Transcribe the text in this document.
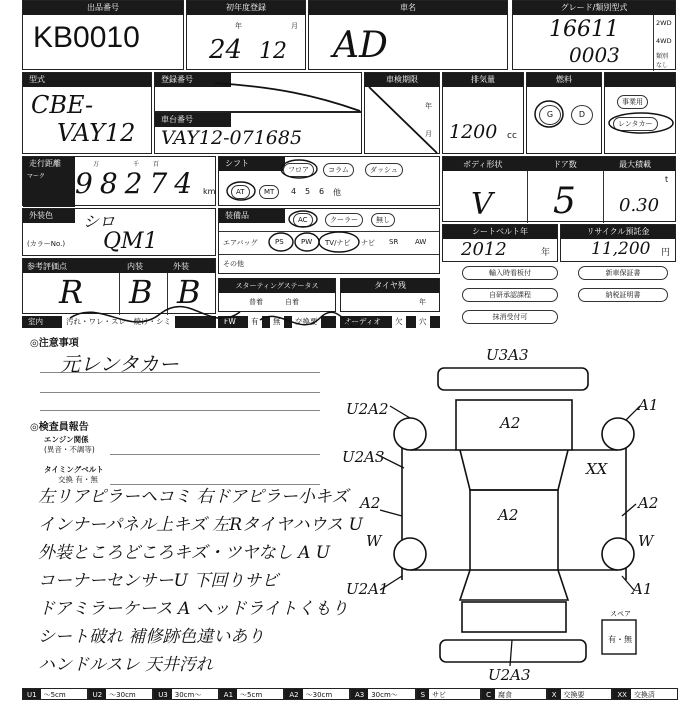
出品番号
KB0010
初年度登録
年	月
24 12
車名
AD
グレード/類別型式
16611
0003
2WD
4WD
類別
なし
型式
CBE-
VAY12
登録番号
車台番号
VAY12-071685
車検期限
年
月
排気量
1200 cc
燃料
G	D
事業用
レンタカー
走行距離
マーク
万	千 百
98274 km
シフト
フロア	コラム	ダッシュ
AT	MT	4 5 6 他
ボディ形状	ドア数	最大積載
V 5
t
0.30
外装色	シロ
(カラーNo.) QM1
装備品	AC	クーラー	無し
エアバッグ	PS PW TV/ナビ ナビ SR AW
その他
シートベルト年
2012	年
リサイクル預託金
11,200 円
参考評価点	内装	外装
R B B	スターティングステータス
普着	自着
タイヤ残
年
輸入時看板付	新車保証書
自研承認課程	納税証明書
抹消受付可
室内	汚れ・ワレ・スレ・焼け・シミ	FW	有	無	交換要	オーディオ	欠	穴
◎注意事項
元レンタカー
◎検査員報告
エンジン関係
(異音・不調等)
タイミングベルト
交換 有・無
左リアピラーヘコミ 右ドアピラー小キズ
インナーパネル上キズ 左Rタイヤハウス U
外装ところどころキズ・ツヤなし A U
コーナーセンサーU 下回りサビ
ドアミラーケース A ヘッドライトくもり
シート破れ 補修跡色違いあり
ハンドルスレ 天井汚れ
スペア
有・無
U3A3
U2A2
U2A3
A2
A2
A1
XX
A2
A2
W	W
U2A1	A1
U2A3
U1	～5cm	U2	～30cm	U3	30cm～	A1	～5cm	A2	～30cm	A3	30cm～	S	サビ	C	腐食	X	交換要	XX	交換済
